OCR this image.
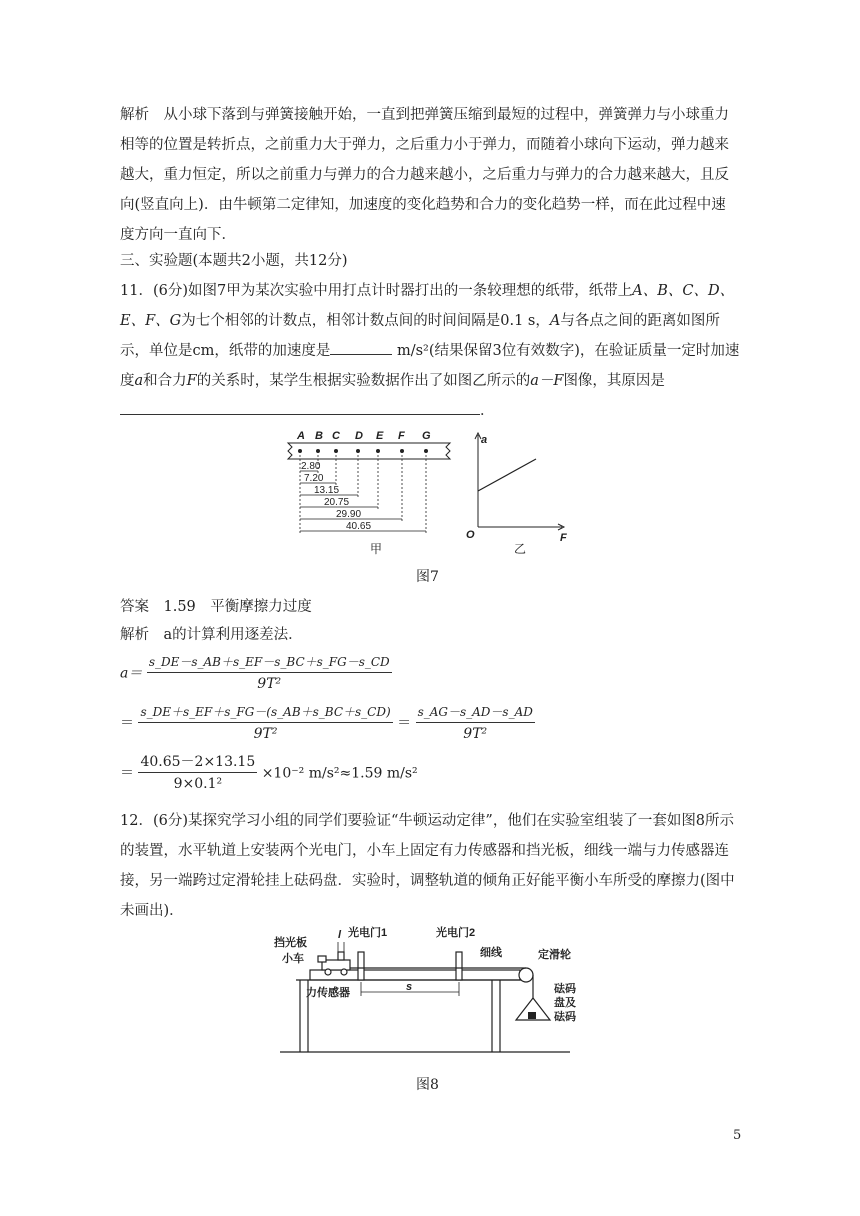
解析　从小球下落到与弹簧接触开始，一直到把弹簧压缩到最短的过程中，弹簧弹力与小球重力相等的位置是转折点，之前重力大于弹力，之后重力小于弹力，而随着小球向下运动，弹力越来越大，重力恒定，所以之前重力与弹力的合力越来越小，之后重力与弹力的合力越来越大，且反向(竖直向上)．由牛顿第二定律知，加速度的变化趋势和合力的变化趋势一样，而在此过程中速度方向一直向下．

三、实验题(本题共2小题，共12分)

11．(6分)如图7甲为某次实验中用打点计时器打出的一条较理想的纸带，纸带上A、B、C、D、E、F、G为七个相邻的计数点，相邻计数点间的时间间隔是0.1 s，A与各点之间的距离如图所示，单位是cm，纸带的加速度是	m/s²(结果保留3位有效数字)，在验证质量一定时加速度a和合力F的关系时，某学生根据实验数据作出了如图乙所示的a－F图像，其原因是．

A B C D E F G
2.80
7.20
13.15
20.75
29.90
40.65
甲
a
F
O
乙
图7

答案　1.59　平衡摩擦力过度

解析　a的计算利用逐差法．

$a= \frac{s\_DE-s\_AB+s\_EF-s\_BC+s\_FG-s\_CD}{\text{9T²}}$
＝ $\frac{s\_DE+s\_EF+s\_FG-(s\_AB+s\_BC+s\_CD)}{\text{9T²}} = \frac{s\_AG-s\_AD-s\_AD}{\text{9T²}}$
＝ $\frac{40.65-2\times 13.15}{\text{9×0.1²}} \times 10^{-2}$ m/s²≈1.59 m/s²

12．(6分)某探究学习小组的同学们要验证“牛顿运动定律”，他们在实验室组装了一套如图8所示的装置，水平轨道上安装两个光电门，小车上固定有力传感器和挡光板，细线一端与力传感器连接，另一端跨过定滑轮挂上砝码盘．实验时，调整轨道的倾角正好能平衡小车所受的摩擦力(图中未画出)．

挡光板
小车
l 光电门1	光电门2
细线	定滑轮
力传感器	s	砝码
盘及
砝码
图8
5
